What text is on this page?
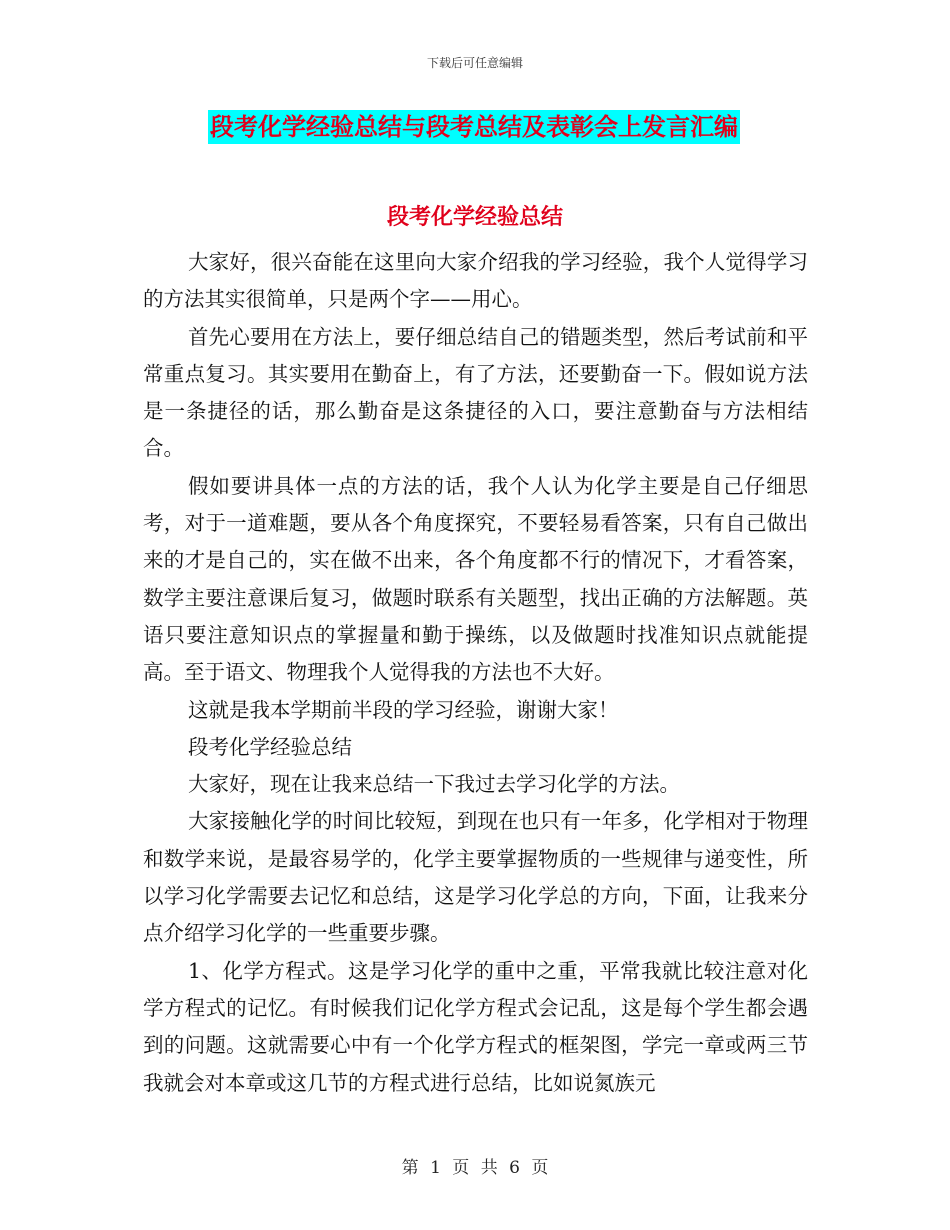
下载后可任意编辑
段考化学经验总结与段考总结及表彰会上发言汇编
段考化学经验总结

大家好，很兴奋能在这里向大家介绍我的学习经验，我个人觉得学习的方法其实很简单，只是两个字——用心。

首先心要用在方法上，要仔细总结自己的错题类型，然后考试前和平常重点复习。其实要用在勤奋上，有了方法，还要勤奋一下。假如说方法是一条捷径的话，那么勤奋是这条捷径的入口，要注意勤奋与方法相结合。

假如要讲具体一点的方法的话，我个人认为化学主要是自己仔细思考，对于一道难题，要从各个角度探究，不要轻易看答案，只有自己做出来的才是自己的，实在做不出来，各个角度都不行的情况下，才看答案，数学主要注意课后复习，做题时联系有关题型，找出正确的方法解题。英语只要注意知识点的掌握量和勤于操练，以及做题时找准知识点就能提高。至于语文、物理我个人觉得我的方法也不大好。

这就是我本学期前半段的学习经验，谢谢大家！

段考化学经验总结

大家好，现在让我来总结一下我过去学习化学的方法。

大家接触化学的时间比较短，到现在也只有一年多，化学相对于物理和数学来说，是最容易学的，化学主要掌握物质的一些规律与递变性，所以学习化学需要去记忆和总结，这是学习化学总的方向，下面，让我来分点介绍学习化学的一些重要步骤。

1、化学方程式。这是学习化学的重中之重，平常我就比较注意对化学方程式的记忆。有时候我们记化学方程式会记乱，这是每个学生都会遇到的问题。这就需要心中有一个化学方程式的框架图，学完一章或两三节我就会对本章或这几节的方程式进行总结，比如说氮族元

第 1 页 共 6 页
